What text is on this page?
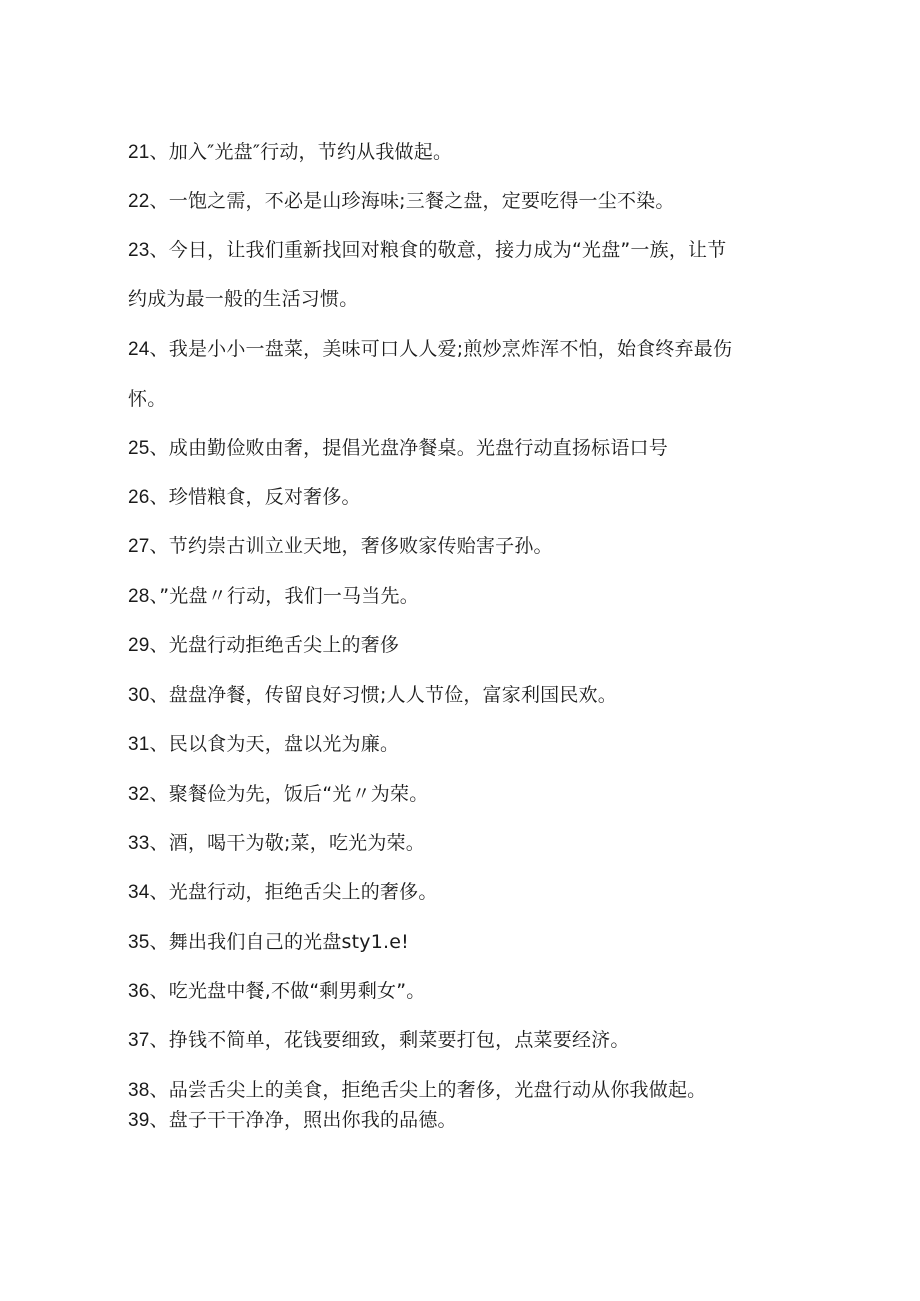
21、加入″光盘″行动，节约从我做起。
22、一饱之需，不必是山珍海味;三餐之盘，定要吃得一尘不染。
23、今日，让我们重新找回对粮食的敬意，接力成为“光盘”一族，让节
约成为最一般的生活习惯。
24、我是小小一盘菜，美味可口人人爱;煎炒烹炸浑不怕，始食终弃最伤
怀。
25、成由勤俭败由奢，提倡光盘净餐桌。光盘行动直扬标语口号
26、珍惜粮食，反对奢侈。
27、节约崇古训立业天地，奢侈败家传贻害子孙。
28、”光盘〃行动，我们一马当先。
29、光盘行动拒绝舌尖上的奢侈
30、盘盘净餐，传留良好习惯;人人节俭，富家利国民欢。
31、民以食为天，盘以光为廉。
32、聚餐俭为先，饭后“光〃为荣。
33、酒，喝干为敬;菜，吃光为荣。
34、光盘行动，拒绝舌尖上的奢侈。
35、舞出我们自己的光盘sty1.e!
36、吃光盘中餐,不做“剩男剩女”。
37、挣钱不简单，花钱要细致，剩菜要打包，点菜要经济。
38、品尝舌尖上的美食，拒绝舌尖上的奢侈，光盘行动从你我做起。
39、盘子干干净净，照出你我的品德。
